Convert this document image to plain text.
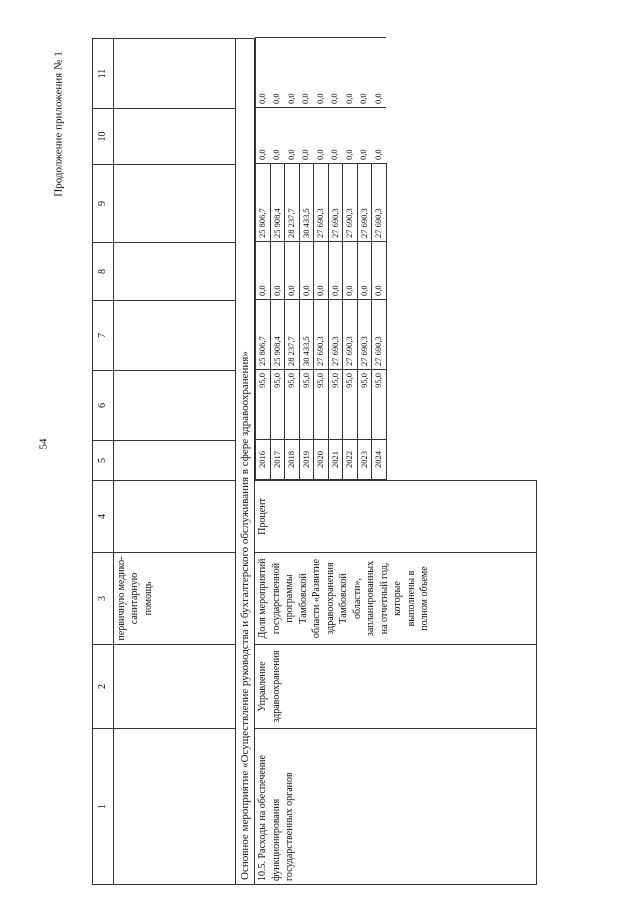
Продолжение приложения № 1
54
1	2	3	4	5	6	7	8	9	10	11
		первичную медико-санитарную помощь								
Основное мероприятие «Осуществление руководства и бухгалтерского обслуживания в сфере здравоохранения»
10.5. Расходы на обеспечение функционирования государственных органов	Управление здравоохранения	Доля мероприятий государственной программы Тамбовской области «Развитие здравоохранения Тамбовской области», запланированных на отчетный год, которые выполнены в полном объеме	Процент	
2016	95,0	25 806,7	0,0	25 806,7	0,0	0,0
2017	95,0	25 908,4	0,0	25 908,4	0,0	0,0
2018	95,0	28 237,7	0,0	28 237,7	0,0	0,0
2019	95,0	30 433,5	0,0	30 433,5	0,0	0,0
2020	95,0	27 690,3	0,0	27 690,3	0,0	0,0
2021	95,0	27 690,3	0,0	27 690,3	0,0	0,0
2022	95,0	27 690,3	0,0	27 690,3	0,0	0,0
2023	95,0	27 690,3	0,0	27 690,3	0,0	0,0
2024	95,0	27 690,3	0,0	27 690,3	0,0	0,0
